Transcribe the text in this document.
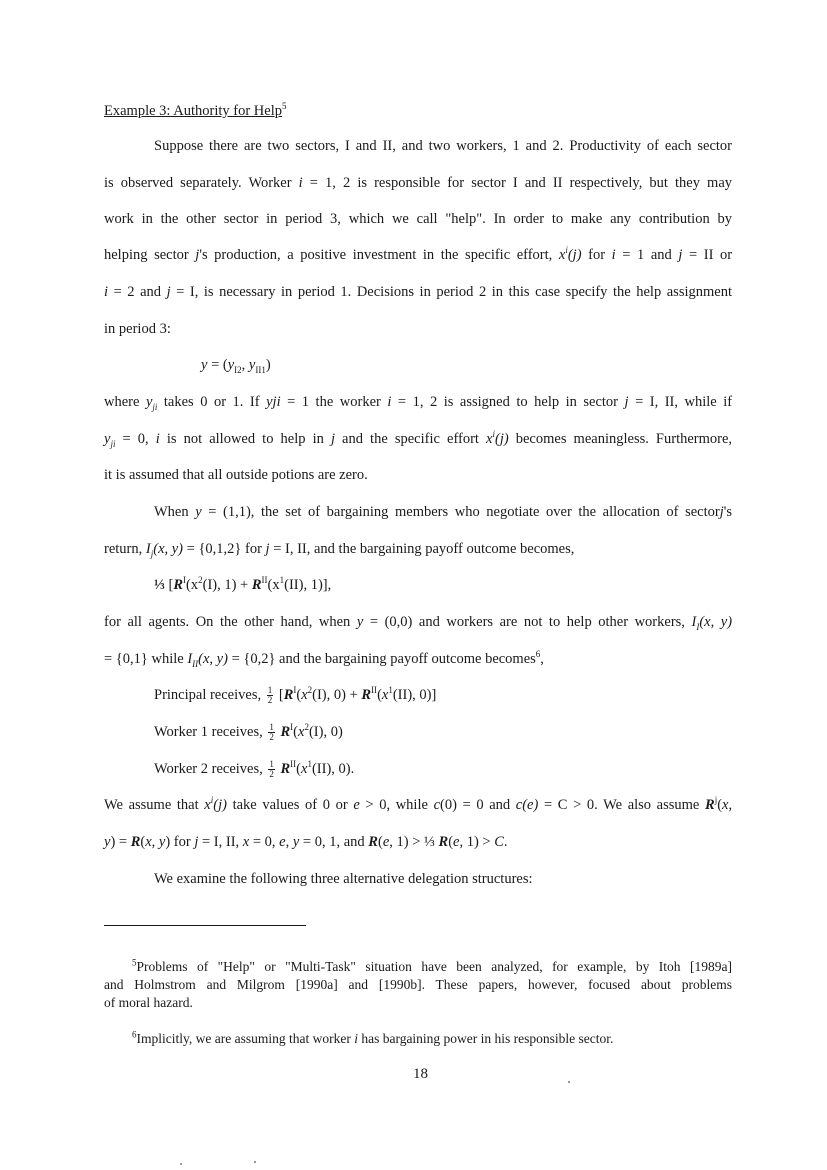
Example 3: Authority for Help$^5$
Suppose there are two sectors, I and II, and two workers, 1 and 2. Productivity of each sector
is observed separately. Worker i = 1, 2 is responsible for sector I and II respectively, but they may
work in the other sector in period 3, which we call "help". In order to make any contribution by
helping sector j's production, a positive investment in the specific effort, $x^i(j)$ for i = 1 and j = II or
i = 2 and j = I, is necessary in period 1. Decisions in period 2 in this case specify the help assignment
in period 3:
$y = (y_{I2}$, $y_{II1}$)
where $y_{ji}$ takes 0 or 1. If yji = 1 the worker i = 1, 2 is assigned to help in sector j = I, II, while if
$y_{ji} = 0$, i is not allowed to help in j and the specific effort $x^i(j)$ becomes meaningless. Furthermore,
it is assumed that all outside potions are zero.
When y = (1,1), the set of bargaining members who negotiate over the allocation of sectorj's
return, $I_j(x$, y) = {0,1,2} for j = I, II, and the bargaining payoff outcome becomes,
⅓ [$R^I(x^2(I)$, $1) + R^{II}(x^1(II)$, 1)],
for all agents. On the other hand, when y = (0,0) and workers are not to help other workers, $I_I(x$, y)
= {0,1} while $I_{II}(x$, y) = {0,2} and the bargaining payoff outcome becomes$^6$,
Principal receives, $\frac{1}{2} [R^I(x^2(I)$, $0) + R^{II}(x^1(II)$, 0)]
Worker 1 receives, $\frac{1}{2} R^I(x^2(I)$, 0)
Worker 2 receives, $\frac{1}{2} R^{II}(x^1(II)$, 0).
We assume that $x^i(j)$ take values of 0 or e > 0, while c(0) = 0 and c(e) = C > 0. We also assume $R^j(x$,
y) = R(x, y) for j = I, II, x = 0, e, y = 0, 1, and R(e, 1) > ⅓ R(e, 1) > C.
We examine the following three alternative delegation structures:
$^5$Problems of "Help" or "Multi-Task" situation have been analyzed, for example, by Itoh [1989a]
and Holmstrom and Milgrom [1990a] and [1990b]. These papers, however, focused about problems
of moral hazard.
$^6$Implicitly, we are assuming that worker i has bargaining power in his responsible sector.
18
